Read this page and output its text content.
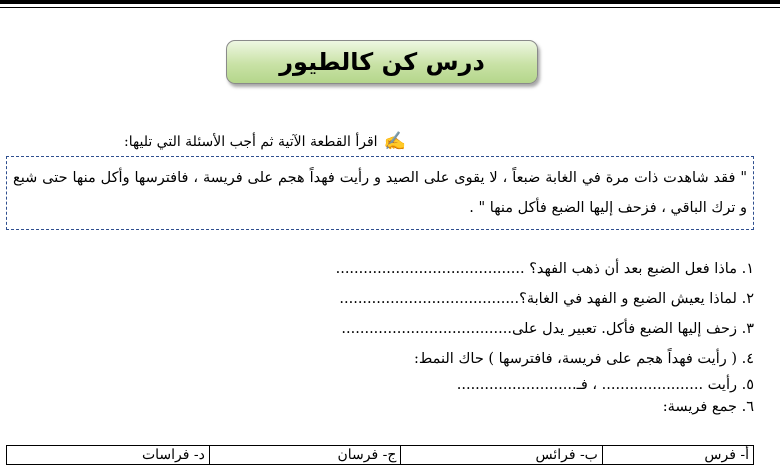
درس كن كالطيور
✍
اقرأ القطعة الآتية ثم أجب الأسئلة التي تليها:
" فقد شاهدت ذات مرة في الغابة ضبعاً ، لا يقوى على الصيد و رأيت فهداً هجم على فريسة ، فافترسها وأكل منها حتى شبع و ترك الباقي ، فزحف إليها الضبع فأكل منها " .
١. ماذا فعل الضبع بعد أن ذهب الفهد؟ .........................................
٢. لماذا يعيش الضبع و الفهد في الغابة؟.......................................
٣. زحف إليها الضبع فأكل. تعبير يدل على.....................................
٤. ( رأيت فهداً هجم على فريسة، فافترسها ) حاك النمط:
٥. رأيت ...................... ، فـ..........................
٦. جمع فريسة:
أ- فرس	ب- فرائس	ج- فرسان	د- فراسات
